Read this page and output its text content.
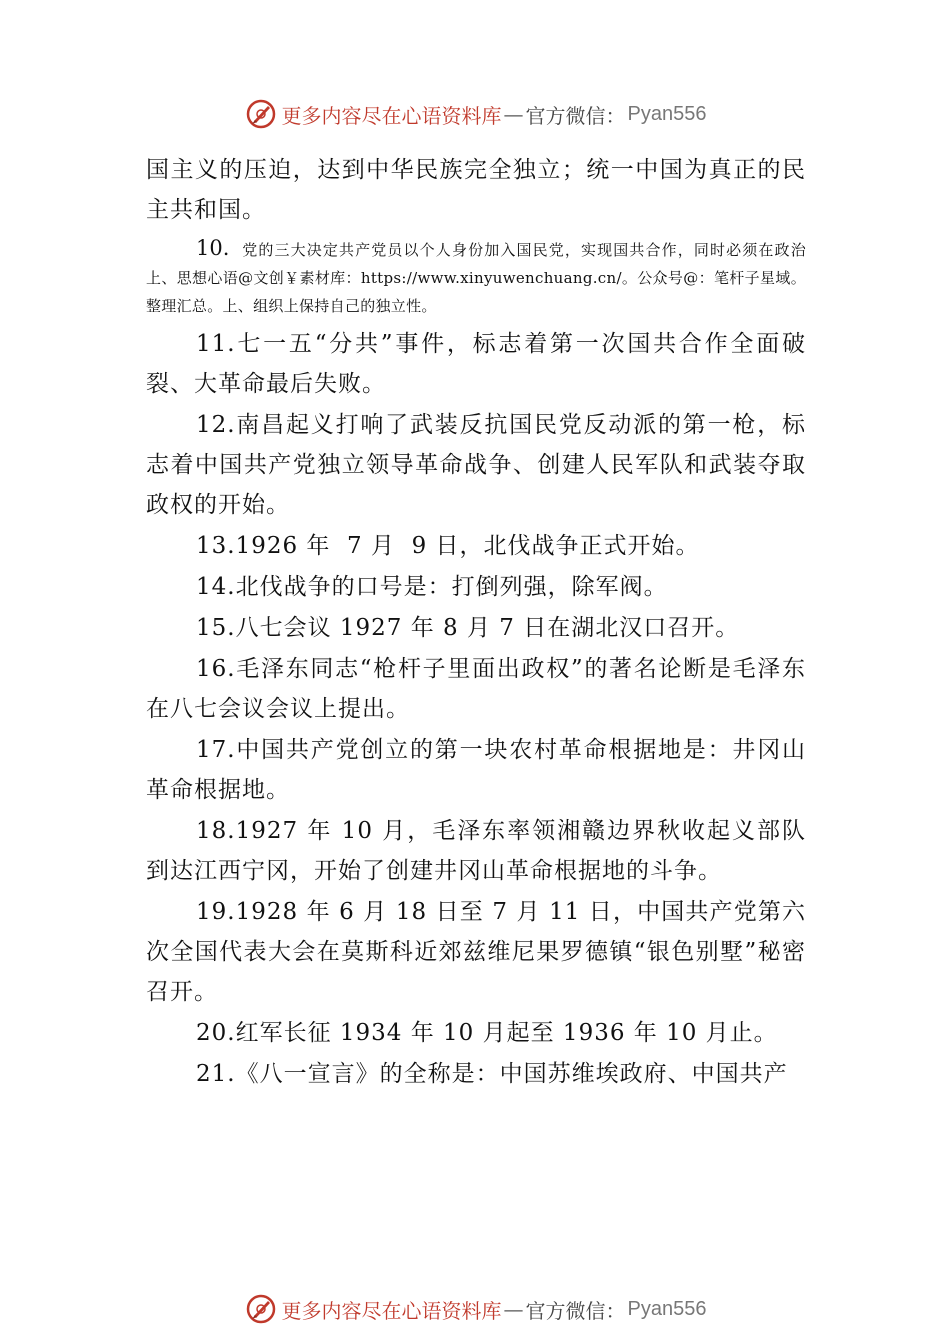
更多内容尽在心语资料库 — 官方微信： Pyan556

国主义的压迫，达到中华民族完全独立；统一中国为真正的民主共和国。

10. 党的三大决定共产党员以个人身份加入国民党，实现国共合作，同时必须在政治上、思想心语@文创￥素材库：https://www.xinyuwenchuang.cn/。公众号@：笔杆子星域。整理汇总。上、组织上保持自己的独立性。

11.七一五“分共”事件，标志着第一次国共合作全面破裂、大革命最后失败。

12.南昌起义打响了武装反抗国民党反动派的第一枪，标志着中国共产党独立领导革命战争、创建人民军队和武装夺取政权的开始。

13.1926 年  7 月  9 日，北伐战争正式开始。

14.北伐战争的口号是：打倒列强，除军阀。

15.八七会议 1927 年 8 月 7 日在湖北汉口召开。

16.毛泽东同志“枪杆子里面出政权”的著名论断是毛泽东在八七会议会议上提出。

17.中国共产党创立的第一块农村革命根据地是：井冈山革命根据地。

18.1927 年 10 月，毛泽东率领湘赣边界秋收起义部队到达江西宁冈，开始了创建井冈山革命根据地的斗争。

19.1928 年 6 月 18 日至 7 月 11 日，中国共产党第六次全国代表大会在莫斯科近郊兹维尼果罗德镇“银色别墅”秘密召开。

20.红军长征 1934 年 10 月起至 1936 年 10 月止。

21.《八一宣言》的全称是：中国苏维埃政府、中国共产

更多内容尽在心语资料库 — 官方微信： Pyan556
